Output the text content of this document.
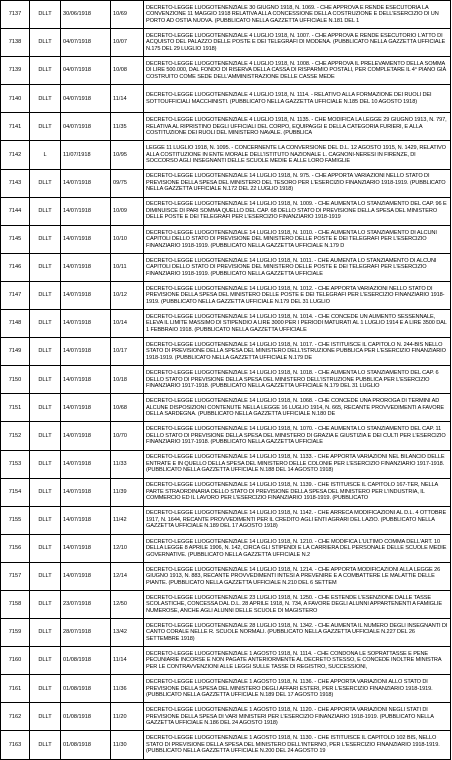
7137	DLLT	30/06/1918	10/69	DECRETO-LEGGE LUOGOTENENZIALE 30 GIUGNO 1918, N. 1069. - CHE APPROVA E RENDE ESECUTORIA LA CONVENZIONE 11 MAGGIO 1918 RELATIVA ALLA CONCESSIONE DELLA COSTRUZIONE E DELL'ESERCIZIO DI UN PORTO AD OSTIA NUOVA. (PUBBLICATO NELLA GAZZETTA UFFICIALE N.181 DEL 1
7138	DLLT	04/07/1918	10/07	DECRETO-LEGGE LUOGOTENENZIALE 4 LUGLIO 1918, N. 1007. - CHE APPROVA E RENDE ESECUTORIO L'ATTO DI ACQUISTO DEL PALAZZO DELLE POSTE E DEI TELEGRAFI DI MODENA. (PUBBLICATO NELLA GAZZETTA UFFICIALE N.175 DEL 29 LUGLIO 1918)
7139	DLLT	04/07/1918	10/08	DECRETO-LEGGE LUOGOTENENZIALE 4 LUGLIO 1918, N. 1008. - CHE APPROVA IL PRELEVAMENTO DELLA SOMMA DI LIRE 500.000, DAL FONDO DI RISERVA DELLA CASSA DI RISPARMIO POSTALI, PER COMPLETARE IL 4° PIANO GIÀ COSTRUITO COME SEDE DELL'AMMINISTRAZIONE DELLE CASSE MEDE
7140	DLLT	04/07/1918	11/14	DECRETO-LEGGE LUOGOTENENZIALE 4 LUGLIO 1918, N. 1114. - RELATIVO ALLA FORMAZIONE DEI RUOLI DEI SOTTOUFFICIALI MACCHINISTI. (PUBBLICATO NELLA GAZZETTA UFFICIALE N.185 DEL 10 AGOSTO 1918)
7141	DLLT	04/07/1918	11/35	DECRETO-LEGGE LUOGOTENENZIALE 4 LUGLIO 1918, N. 1135. - CHE MODIFICA LA LEGGE 29 GIUGNO 1913, N. 797, RELATIVA AL RIPRISTINO DEGLI UFFICIALI DEL CORPO, EQUIPAGGI E DELLA CATEGORIA FURIERI, E ALLA COSTITUZIONE DEI RUOLI DEL MINISTERO NAVALE. (PUBBLICA
7142	L	11/07/1918	10/95	LEGGE 11 LUGLIO 1918, N. 1095. - CONCERNENTE LA CONVERSIONE DEL D.L. 12 AGOSTO 1915, N. 1429, RELATIVO ALLA COSTITUZIONE IN ENTE MORALE DELL'ISTITUTO NAZIONALE L. CAGNONI-NERESI IN FIRENZE, DI SOCCORSO AGLI INSEGNANTI DELLE SCUOLE MEDIE E ALLE LORO FAMIGLIE
7143	DLLT	14/07/1918	09/75	DECRETO-LEGGE LUOGOTENENZIALE 14 LUGLIO 1918, N. 975. - CHE APPORTA VARIAZIONI NELLO STATO DI PREVISIONE DELLA SPESA DEL MINISTERO DEL TESORO PER L'ESERCIZIO FINANZIARIO 1918-1919. (PUBBLICATO NELLA GAZZETTA UFFICIALE N.172 DEL 22 LUGLIO 1918)
7144	DLLT	14/07/1918	10/09	DECRETO-LEGGE LUOGOTENENZIALE 14 LUGLIO 1918, N. 1009. - CHE AUMENTA LO STANZIAMENTO DEL CAP. 96 E DIMINUISCE DI PARI SOMMA QUELLO DEL CAP. 68 DELLO STATO DI PREVISIONE DELLA SPESA DEL MINISTERO DELLE POSTE E DEI TELEGRAFI PER L'ESERCIZIO FINANZIARIO 1918-1919
7145	DLLT	14/07/1918	10/10	DECRETO-LEGGE LUOGOTENENZIALE 14 LUGLIO 1918, N. 1010. - CHE AUMENTA LO STANZIAMENTO DI ALCUNI CAPITOLI DELLO STATO DI PREVISIONE DEL MINISTERO DELLE POSTE E DEI TELEGRAFI PER L'ESERCIZIO FINANZIARIO 1918-1919. (PUBBLICATO NELLA GAZZETTA UFFICIALE N.179 D
7146	DLLT	14/07/1918	10/11	DECRETO-LEGGE LUOGOTENENZIALE 14 LUGLIO 1918, N. 1011. - CHE AUMENTA LO STANZIAMENTO DI ALCUNI CAPITOLI DELLO STATO DI PREVISIONE DEL MINISTERO DELLE POSTE E DEI TELEGRAFI PER L'ESERCIZIO FINANZIARIO 1918-1919. (PUBBLICATO NELLA GAZZETTA UFFICIALE
7147	DLLT	14/07/1918	10/12	DECRETO-LEGGE LUOGOTENENZIALE 14 LUGLIO 1918, N. 1012. - CHE APPORTA VARIAZIONI NELLO STATO DI PREVISIONE DELLA SPESA DEL MINISTERO DELLE POSTE E DEI TELEGRAFI PER L'ESERCIZIO FINANZIARIO 1918-1919. (PUBBLICATO NELLA GAZZETTA UFFICIALE N.179 DEL 31 LUGLIO
7148	DLLT	14/07/1918	10/14	DECRETO-LEGGE LUOGOTENENZIALE 14 LUGLIO 1918, N. 1014. - CHE CONCEDE UN AUMENTO SESSENNALE, ELEVA IL LIMITE MASSIMO DI STIPENDIO A LIRE 3000 PER I PERIODI MATURATI AL 1 LUGLIO 1914 E A LIRE 3500 DAL 1 FEBBRAIO 1918. (PUBBLICATO NELLA GAZZETTA UFFICIALE
7149	DLLT	14/07/1918	10/17	DECRETO-LEGGE LUOGOTENENZIALE 14 LUGLIO 1918, N. 1017. - CHE ISTITUISCE IL CAPITOLO N. 244-BIS NELLO STATO DI PREVISIONE DELLA SPESA DEL MINISTERO DELL'ISTRUZIONE PUBBLICA PER L'ESERCIZIO FINANZIARIO 1918-1919. (PUBBLICATO NELLA GAZZETTA UFFICIALE N.179 DE
7150	DLLT	14/07/1918	10/18	DECRETO-LEGGE LUOGOTENENZIALE 14 LUGLIO 1918, N. 1018. - CHE AUMENTA LO STANZIAMENTO DEL CAP. 6 DELLO STATO DI PREVISIONE DELLA SPESA DEL MINISTERO DELL'ISTRUZIONE PUBBLICA PER L'ESERCIZIO FINANZIARIO 1917-1918. (PUBBLICATO NELLA GAZZETTA UFFICIALE N.179 DEL 31 LUGLIO
7151	DLLT	14/07/1918	10/68	DECRETO-LEGGE LUOGOTENENZIALE 14 LUGLIO 1918, N. 1068. - CHE CONCEDE UNA PROROGA DI TERMINI AD ALCUNE DISPOSIZIONI CONTENUTE NELLA LEGGE 16 LUGLIO 1914, N. 665, RECANTE PROVVEDIMENTI A FAVORE DELLA SARDEGNA. (PUBBLICATO NELLA GAZZETTA UFFICIALE N.180 DE
7152	DLLT	14/07/1918	10/70	DECRETO-LEGGE LUOGOTENENZIALE 14 LUGLIO 1918, N. 1070. - CHE AUMENTA LO STANZIAMENTO DEL CAP. 11 DELLO STATO DI PREVISIONE DELLA SPESA DEL MINISTERO DI GRAZIA E GIUSTIZIA E DEI CULTI PER L'ESERCIZIO FINANZIARIO 1917-1918. (PUBBLICATO NELLA GAZZETTA UFFICIALE
7153	DLLT	14/07/1918	11/33	DECRETO-LEGGE LUOGOTENENZIALE 14 LUGLIO 1918, N. 1133. - CHE APPORTA VARIAZIONI NEL BILANCIO DELLE ENTRATE E IN QUELLO DELLA SPESA DEL MINISTERO DELLE COLONIE PER L'ESERCIZIO FINANZIARIO 1917-1918. (PUBBLICATO NELLA GAZZETTA UFFICIALE N.188 DEL 14 AGOSTO 1918)
7154	DLLT	14/07/1918	11/39	DECRETO-LEGGE LUOGOTENENZIALE 14 LUGLIO 1918, N. 1139. - CHE ISTITUISCE IL CAPITOLO 167-TER, NELLA PARTE STRAORDINARIA DELLO STATO DI PREVISIONE DELLA SPESA DEL MINISTERO PER L'INDUSTRIA, IL COMMERCIO ED IL LAVORO PER L'ESERCIZIO FINANZIARIO 1918-1919. (PUBBLICATO
7155	DLLT	14/07/1918	11/42	DECRETO-LEGGE LUOGOTENENZIALE 14 LUGLIO 1918, N. 1142. - CHE ARRECA MODIFICAZIONI AL D.L. 4 OTTOBRE 1917, N. 1644, RECANTE PROVVEDIMENTI PER IL CREDITO AGLI ENTI AGRARI DEL LAZIO. (PUBBLICATO NELLA GAZZETTA UFFICIALE N.189 DEL 17 AGOSTO 1918)
7156	DLLT	14/07/1918	12/10	DECRETO-LEGGE LUOGOTENENZIALE 14 LUGLIO 1918, N. 1210. - CHE MODIFICA L'ULTIMO COMMA DELL'ART. 10 DELLA LEGGE 8 APRILE 1906, N. 142, CIRCA GLI STIPENDI E LA CARRIERA DEL PERSONALE DELLE SCUOLE MEDIE GOVERNATIVE. (PUBBLICATO NELLA GAZZETTA UFFICIALE N.2
7157	DLLT	14/07/1918	12/14	DECRETO-LEGGE LUOGOTENENZIALE 14 LUGLIO 1918, N. 1214. - CHE APPORTA MODIFICAZIONI ALLA LEGGE 26 GIUGNO 1913, N. 883, RECANTE PROVVEDIMENTI INTESI A PREVENIRE E A COMBATTERE LE MALATTIE DELLE PIANTE. (PUBBLICATO NELLA GAZZETTA UFFICIALE N.210 DEL 6 SETTEM
7158	DLLT	23/07/1918	12/50	DECRETO-LEGGE LUOGOTENENZIALE 23 LUGLIO 1918, N. 1250. - CHE ESTENDE L'ESENZIONE DALLE TASSE SCOLASTICHE, CONCESSA DAL D.L. 28 APRILE 1918, N. 734, A FAVORE DEGLI ALUNNI APPARTENENTI A FAMIGLIE NUMEROSE, ANCHE AGLI ALUNNI DELLE SCUOLE DI MAGISTERO
7159	DLLT	28/07/1918	13/42	DECRETO-LEGGE LUOGOTENENZIALE 28 LUGLIO 1918, N. 1342. - CHE AUMENTA IL NUMERO DEGLI INSEGNANTI DI CANTO CORALE NELLE R. SCUOLE NORMALI. (PUBBLICATO NELLA GAZZETTA UFFICIALE N.227 DEL 26 SETTEMBRE 1918)
7160	DLLT	01/08/1918	11/14	DECRETO-LEGGE LUOGOTENENZIALE 1 AGOSTO 1918, N. 1114. - CHE CONDONA LE SOPRATTASSE E PENE PECUNIARIE INCORSE E NON PAGATE ANTERIORMENTE AL DECRETO STESSO, E CONCEDE INOLTRE MINISTRA PER LE CONTRAVVENZIONI ALLE LEGGI SULLE TASSE DI REGISTRO, SUCCESSIONI,
7161	DLLT	01/08/1918	11/36	DECRETO-LEGGE LUOGOTENENZIALE 1 AGOSTO 1918, N. 1136. - CHE APPORTA VARIAZIONI ALLO STATO DI PREVISIONE DELLA SPESA DEL MINISTERO DEGLI AFFARI ESTERI, PER L'ESERCIZIO FINANZIARIO 1918-1919. (PUBBLICATO NELLA GAZZETTA UFFICIALE N.189 DEL 17 AGOSTO 1918)
7162	DLLT	01/08/1918	11/20	DECRETO-LEGGE LUOGOTENENZIALE 1 AGOSTO 1918, N. 1120. - CHE APPORTA VARIAZIONI NEGLI STATI DI PREVISIONE DELLA SPESA DI VARI MINISTERI PER L'ESERCIZIO FINANZIARIO 1918-1919. (PUBBLICATO NELLA GAZZETTA UFFICIALE N.186 DEL 24 AGOSTO 1918)
7163	DLLT	01/08/1918	11/30	DECRETO-LEGGE LUOGOTENENZIALE 1 AGOSTO 1918, N. 1130. - CHE ISTITUISCE IL CAPITOLO 102 BIS, NELLO STATO DI PREVISIONE DELLA SPESA DEL MINISTERO DELL'INTERNO, PER L'ESERCIZIO FINANZIARIO 1918-1919. (PUBBLICATO NELLA GAZZETTA UFFICIALE N.200 DEL 24 AGOSTO 19
